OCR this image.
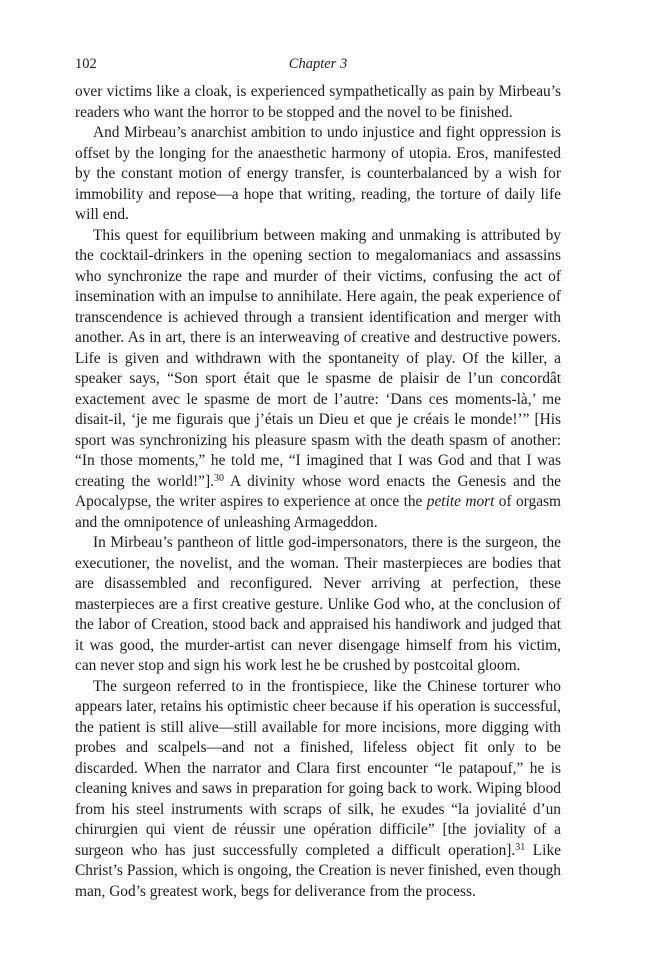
102	Chapter 3

over victims like a cloak, is experienced sympathetically as pain by Mirbeau’s readers who want the horror to be stopped and the novel to be finished.

And Mirbeau’s anarchist ambition to undo injustice and fight oppression is offset by the longing for the anaesthetic harmony of utopia. Eros, manifested by the constant motion of energy transfer, is counterbalanced by a wish for immobility and repose—a hope that writing, reading, the torture of daily life will end.

This quest for equilibrium between making and unmaking is attributed by the cocktail-drinkers in the opening section to megalomaniacs and assassins who synchronize the rape and murder of their victims, confusing the act of insemination with an impulse to annihilate. Here again, the peak experience of transcendence is achieved through a transient identification and merger with another. As in art, there is an interweaving of creative and destructive powers. Life is given and withdrawn with the spontaneity of play. Of the killer, a speaker says, “Son sport était que le spasme de plaisir de l’un concordât exactement avec le spasme de mort de l’autre: ‘Dans ces moments-là,’ me disait-il, ‘je me figurais que j’étais un Dieu et que je créais le monde!’” [His sport was synchronizing his pleasure spasm with the death spasm of another: “In those moments,” he told me, “I imagined that I was God and that I was creating the world!”].$^{30}$ A divinity whose word enacts the Genesis and the Apocalypse, the writer aspires to experience at once the petite mort of orgasm and the omnipotence of unleashing Armageddon.

In Mirbeau’s pantheon of little god-impersonators, there is the surgeon, the executioner, the novelist, and the woman. Their masterpieces are bodies that are disassembled and reconfigured. Never arriving at perfection, these masterpieces are a first creative gesture. Unlike God who, at the conclusion of the labor of Creation, stood back and appraised his handiwork and judged that it was good, the murder-artist can never disengage himself from his victim, can never stop and sign his work lest he be crushed by postcoital gloom.

The surgeon referred to in the frontispiece, like the Chinese torturer who appears later, retains his optimistic cheer because if his operation is successful, the patient is still alive—still available for more incisions, more digging with probes and scalpels—and not a finished, lifeless object fit only to be discarded. When the narrator and Clara first encounter “le patapouf,” he is cleaning knives and saws in preparation for going back to work. Wiping blood from his steel instruments with scraps of silk, he exudes “la jovialité d’un chirurgien qui vient de réussir une opération difficile” [the joviality of a surgeon who has just successfully completed a difficult operation].$^{31}$ Like Christ’s Passion, which is ongoing, the Creation is never finished, even though man, God’s greatest work, begs for deliverance from the process.
